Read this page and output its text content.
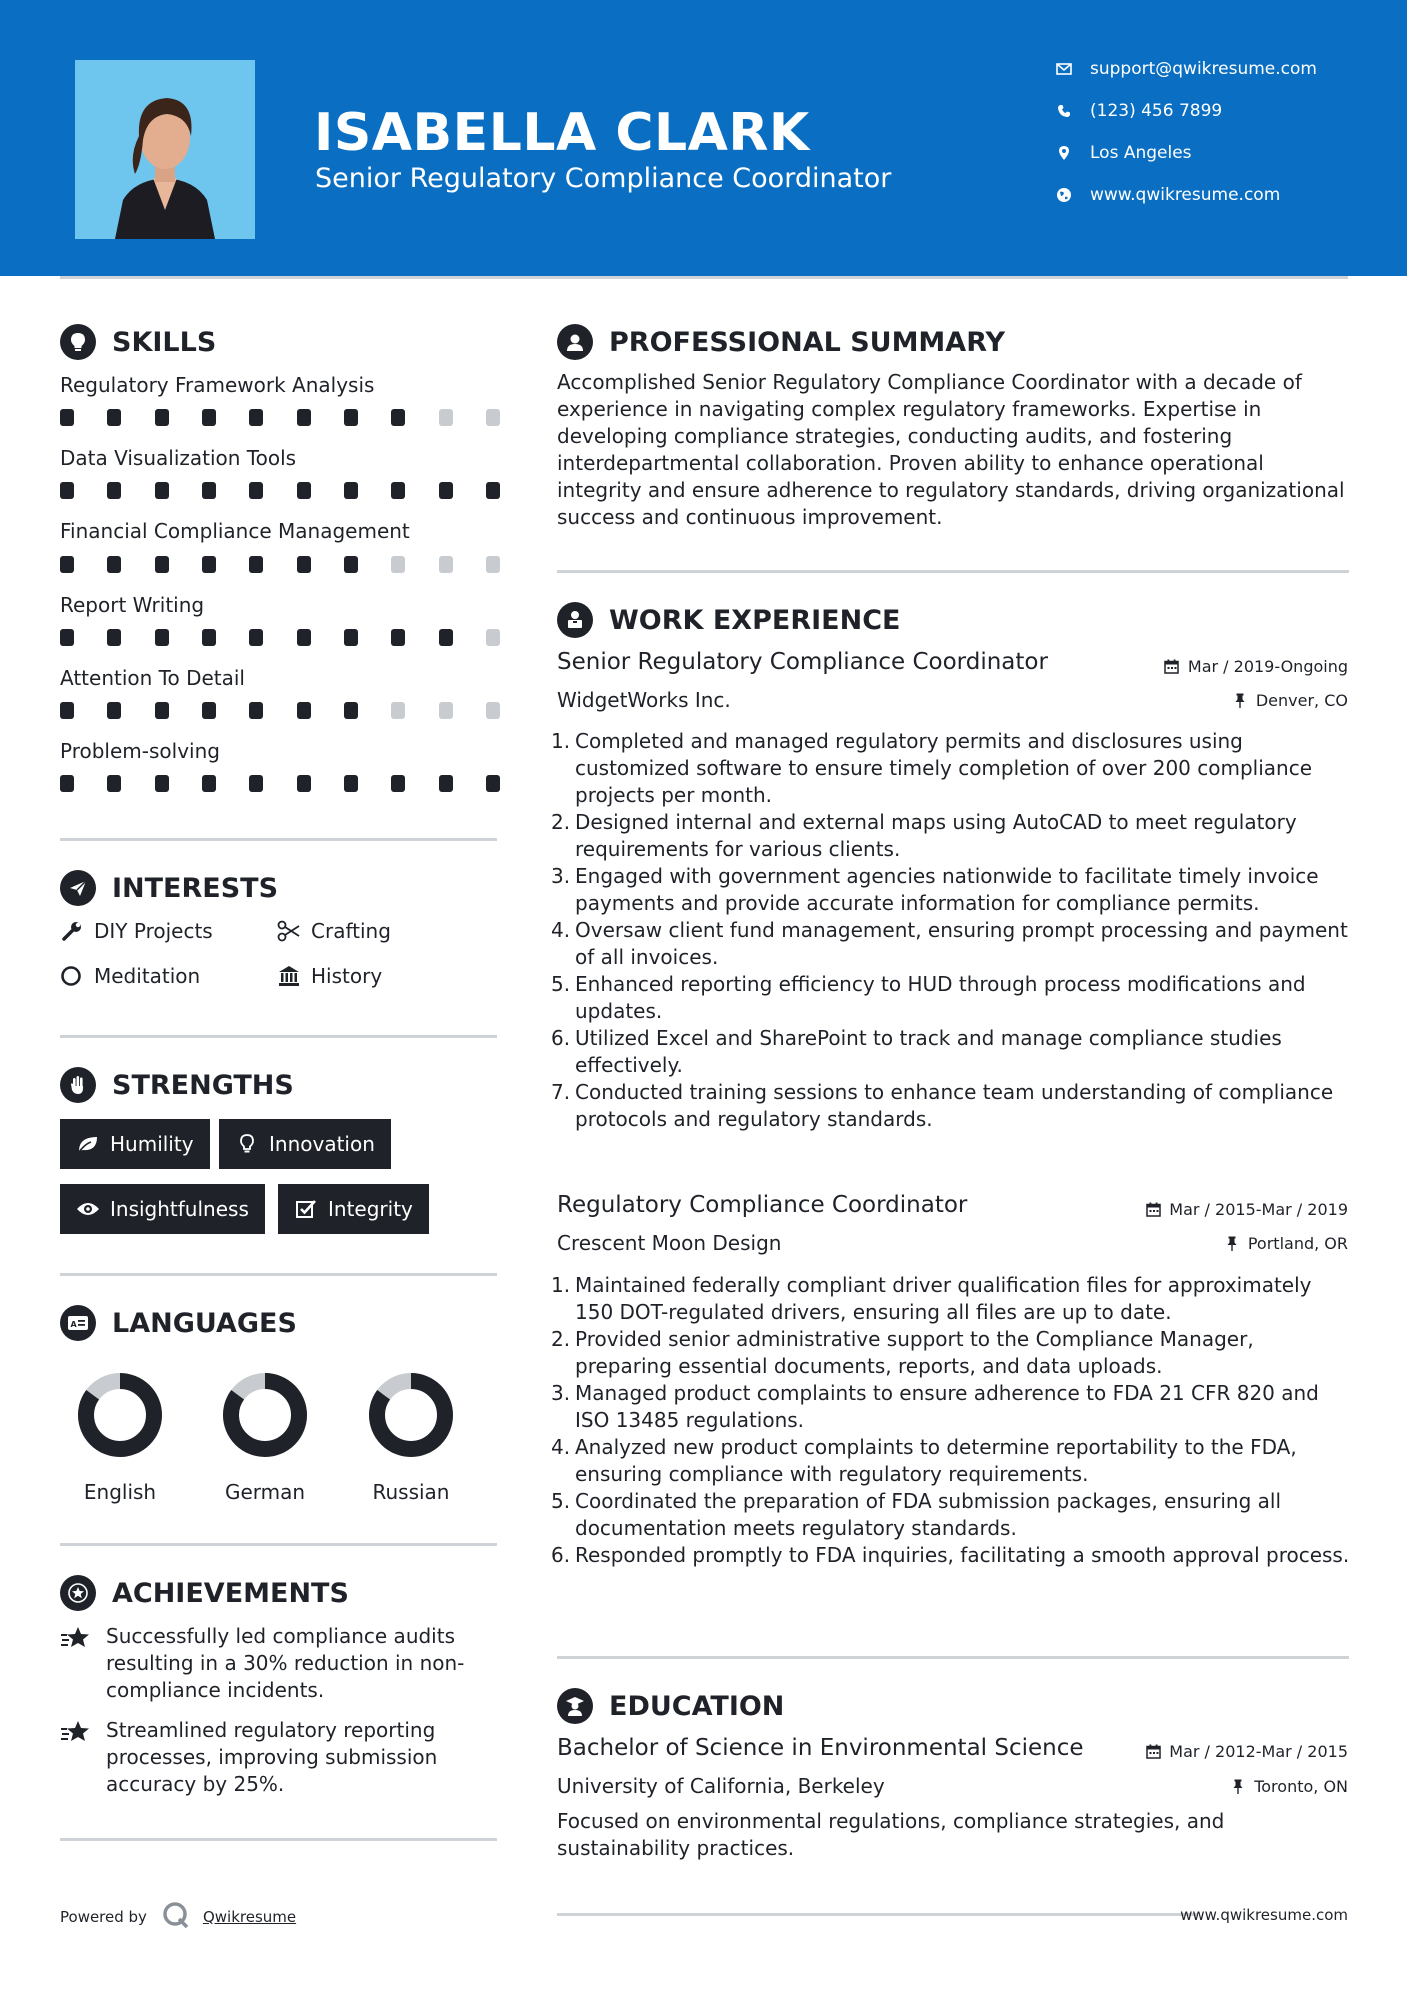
ISABELLA CLARK
Senior Regulatory Compliance Coordinator
support@qwikresume.com
(123) 456 7899
Los Angeles
www.qwikresume.com
SKILLS
Regulatory Framework Analysis
Data Visualization Tools
Financial Compliance Management
Report Writing
Attention To Detail
Problem-solving
INTERESTS
DIY Projects	Crafting
Meditation	History
STRENGTHS
Humility	Innovation
Insightfulness	Integrity
A LANGUAGES
English	German	Russian
ACHIEVEMENTS
Successfully led compliance audits resulting in a 30% reduction in non-compliance incidents.
Streamlined regulatory reporting processes, improving submission accuracy by 25%.
Powered by	Qwikresume
PROFESSIONAL SUMMARY
Accomplished Senior Regulatory Compliance Coordinator with a decade of experience in navigating complex regulatory frameworks. Expertise in developing compliance strategies, conducting audits, and fostering interdepartmental collaboration. Proven ability to enhance operational integrity and ensure adherence to regulatory standards, driving organizational success and continuous improvement.
WORK EXPERIENCE
Senior Regulatory Compliance Coordinator	Mar / 2019-Ongoing
WidgetWorks Inc.	Denver, CO
1. Completed and managed regulatory permits and disclosures using customized software to ensure timely completion of over 200 compliance projects per month.
2. Designed internal and external maps using AutoCAD to meet regulatory requirements for various clients.
3. Engaged with government agencies nationwide to facilitate timely invoice payments and provide accurate information for compliance permits.
4. Oversaw client fund management, ensuring prompt processing and payment of all invoices.
5. Enhanced reporting efficiency to HUD through process modifications and updates.
6. Utilized Excel and SharePoint to track and manage compliance studies effectively.
7. Conducted training sessions to enhance team understanding of compliance protocols and regulatory standards.
Regulatory Compliance Coordinator	Mar / 2015-Mar / 2019
Crescent Moon Design	Portland, OR
1. Maintained federally compliant driver qualification files for approximately 150 DOT-regulated drivers, ensuring all files are up to date.
2. Provided senior administrative support to the Compliance Manager, preparing essential documents, reports, and data uploads.
3. Managed product complaints to ensure adherence to FDA 21 CFR 820 and ISO 13485 regulations.
4. Analyzed new product complaints to determine reportability to the FDA, ensuring compliance with regulatory requirements.
5. Coordinated the preparation of FDA submission packages, ensuring all documentation meets regulatory standards.
6. Responded promptly to FDA inquiries, facilitating a smooth approval process.
EDUCATION
Bachelor of Science in Environmental Science	Mar / 2012-Mar / 2015
University of California, Berkeley	Toronto, ON
Focused on environmental regulations, compliance strategies, and sustainability practices.
www.qwikresume.com
